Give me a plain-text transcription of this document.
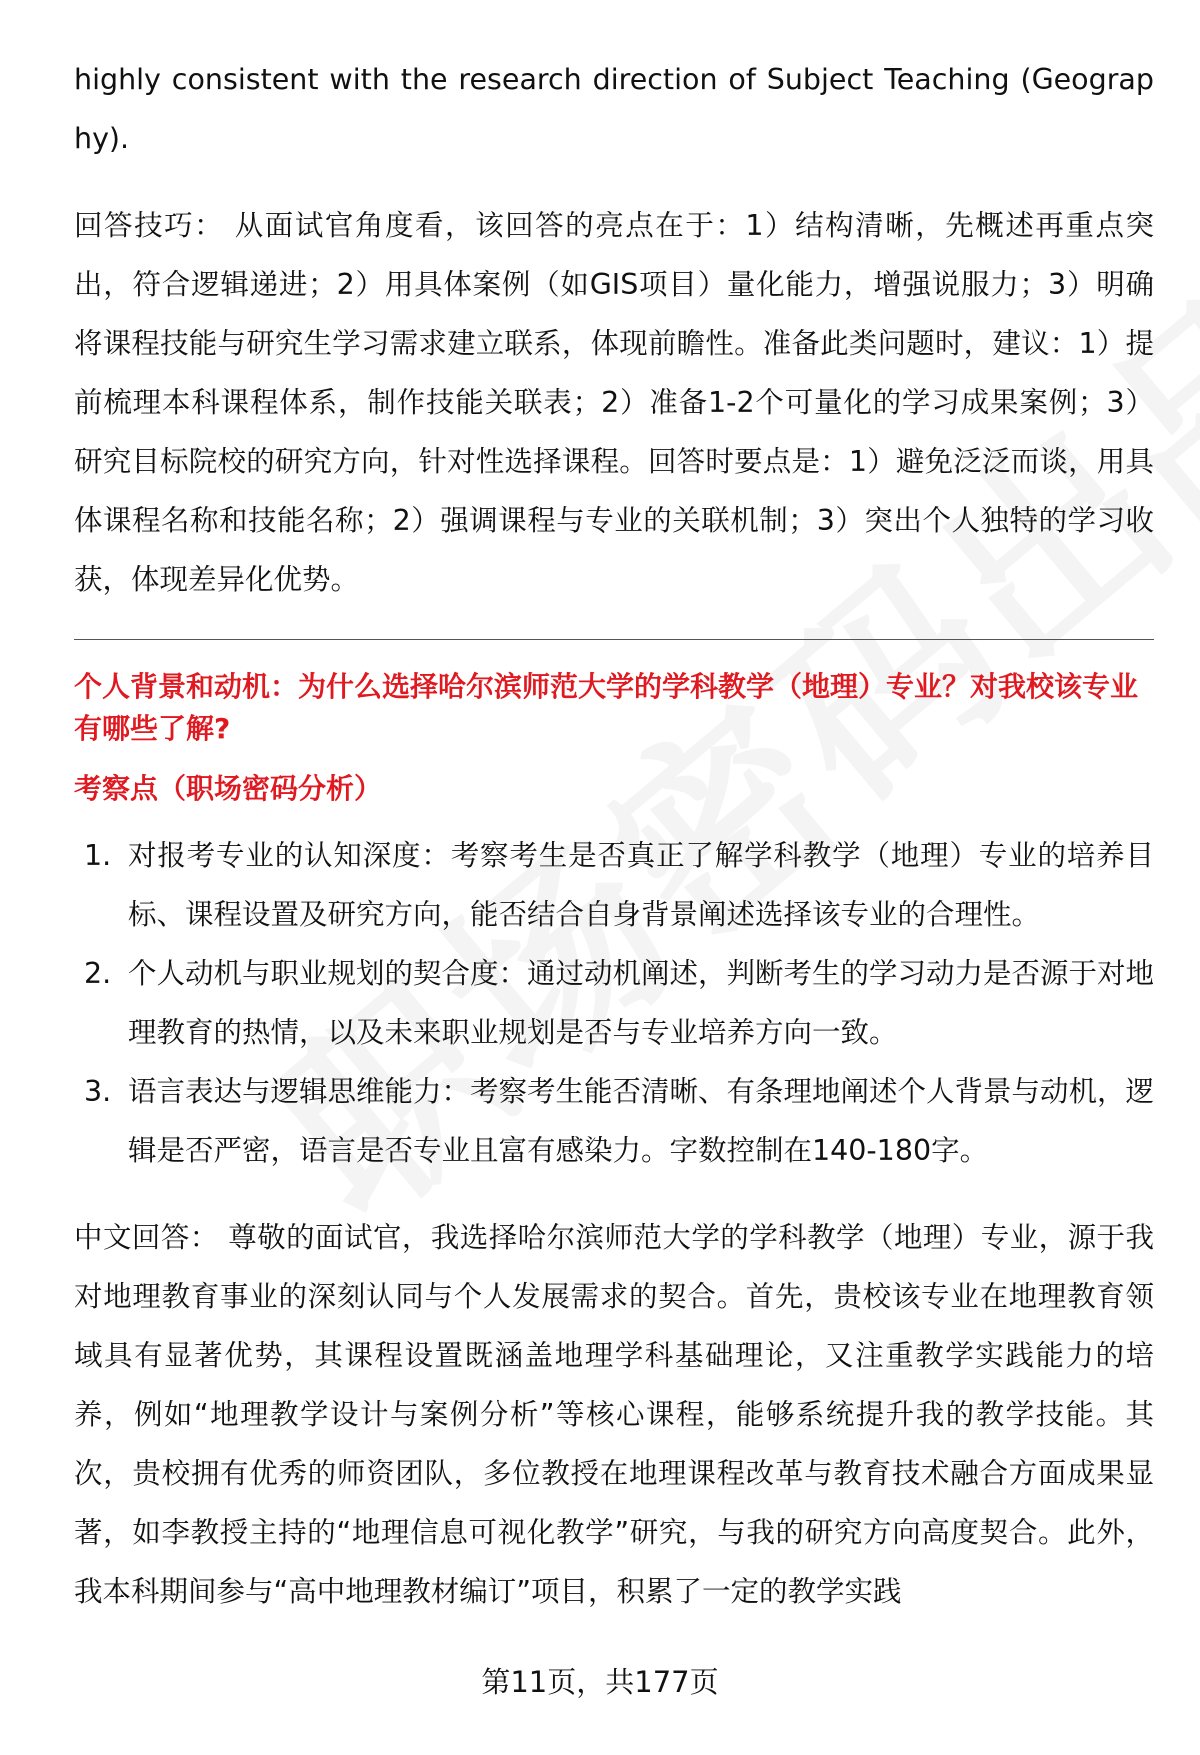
highly consistent with the research direction of Subject Teaching (Geography).

回答技巧： 从面试官角度看，该回答的亮点在于：1）结构清晰，先概述再重点突出，符合逻辑递进；2）用具体案例（如GIS项目）量化能力，增强说服力；3）明确将课程技能与研究生学习需求建立联系，体现前瞻性。准备此类问题时，建议：1）提前梳理本科课程体系，制作技能关联表；2）准备1-2个可量化的学习成果案例；3）研究目标院校的研究方向，针对性选择课程。回答时要点是：1）避免泛泛而谈，用具体课程名称和技能名称；2）强调课程与专业的关联机制；3）突出个人独特的学习收获，体现差异化优势。

个人背景和动机：为什么选择哈尔滨师范大学的学科教学（地理）专业？对我校该专业有哪些了解?

考察点（职场密码分析）

1. 对报考专业的认知深度：考察考生是否真正了解学科教学（地理）专业的培养目标、课程设置及研究方向，能否结合自身背景阐述选择该专业的合理性。
2. 个人动机与职业规划的契合度：通过动机阐述，判断考生的学习动力是否源于对地理教育的热情，以及未来职业规划是否与专业培养方向一致。
3. 语言表达与逻辑思维能力：考察考生能否清晰、有条理地阐述个人背景与动机，逻辑是否严密，语言是否专业且富有感染力。字数控制在140-180字。

中文回答： 尊敬的面试官，我选择哈尔滨师范大学的学科教学（地理）专业，源于我对地理教育事业的深刻认同与个人发展需求的契合。首先，贵校该专业在地理教育领域具有显著优势，其课程设置既涵盖地理学科基础理论，又注重教学实践能力的培养，例如“地理教学设计与案例分析”等核心课程，能够系统提升我的教学技能。其次，贵校拥有优秀的师资团队，多位教授在地理课程改革与教育技术融合方面成果显著，如李教授主持的“地理信息可视化教学”研究，与我的研究方向高度契合。此外，我本科期间参与“高中地理教材编订”项目，积累了一定的教学实践

第11页，共177页
